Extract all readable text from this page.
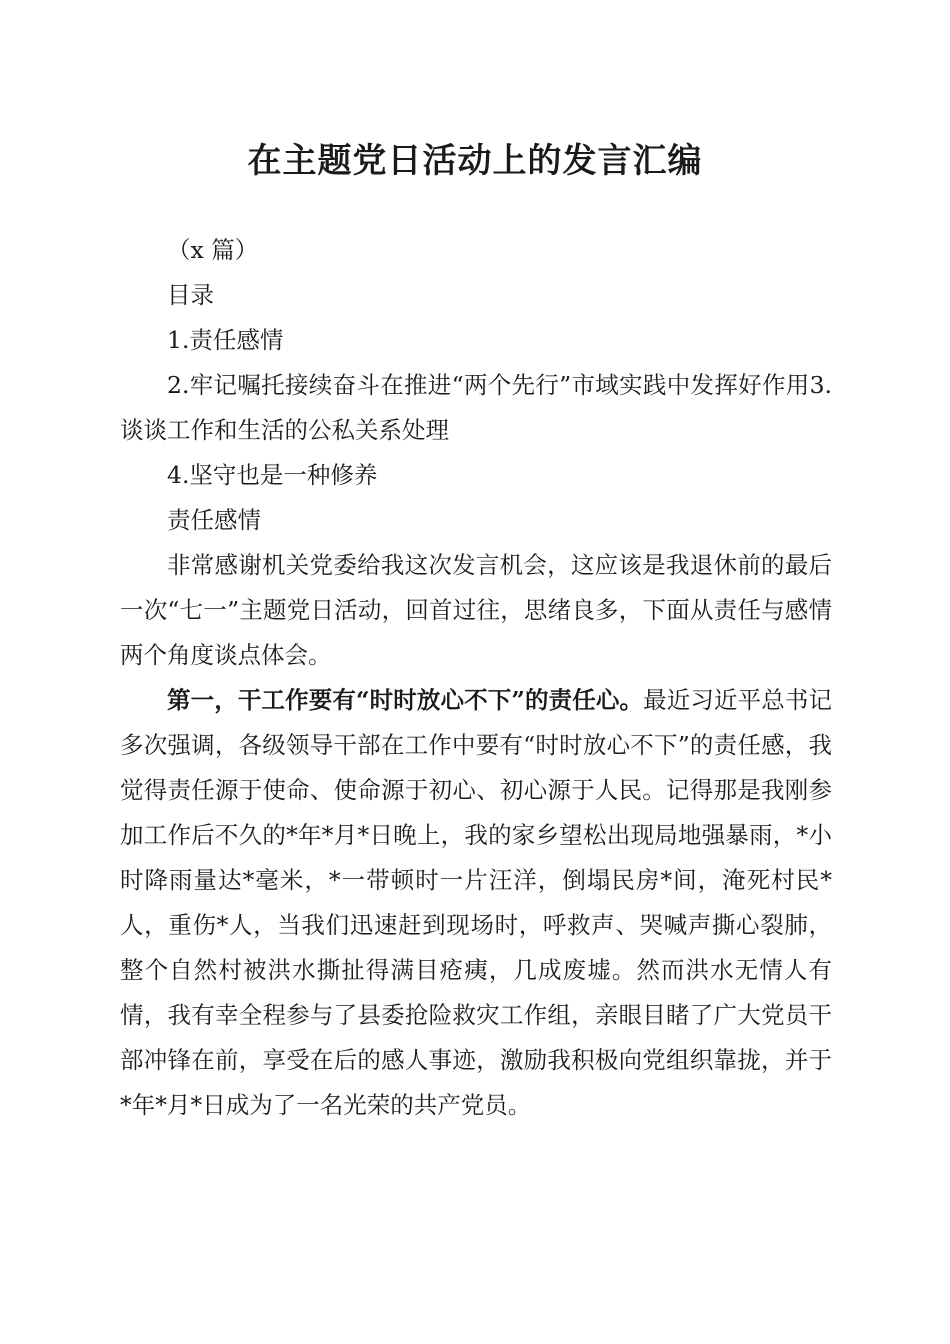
在主题党日活动上的发言汇编

（x 篇）

目录

1.责任感情

2.牢记嘱托接续奋斗在推进“两个先行”市域实践中发挥好作用3.谈谈工作和生活的公私关系处理

4.坚守也是一种修养

责任感情

非常感谢机关党委给我这次发言机会，这应该是我退休前的最后一次“七一”主题党日活动，回首过往，思绪良多，下面从责任与感情两个角度谈点体会。

第一，干工作要有“时时放心不下”的责任心。最近习近平总书记多次强调，各级领导干部在工作中要有“时时放心不下”的责任感，我觉得责任源于使命、使命源于初心、初心源于人民。记得那是我刚参加工作后不久的*年*月*日晚上，我的家乡望松出现局地强暴雨，*小时降雨量达*毫米，*一带顿时一片汪洋，倒塌民房*间，淹死村民*人，重伤*人，当我们迅速赶到现场时，呼救声、哭喊声撕心裂肺，整个自然村被洪水撕扯得满目疮痍，几成废墟。然而洪水无情人有情，我有幸全程参与了县委抢险救灾工作组，亲眼目睹了广大党员干部冲锋在前，享受在后的感人事迹，激励我积极向党组织靠拢，并于*年*月*日成为了一名光荣的共产党员。
